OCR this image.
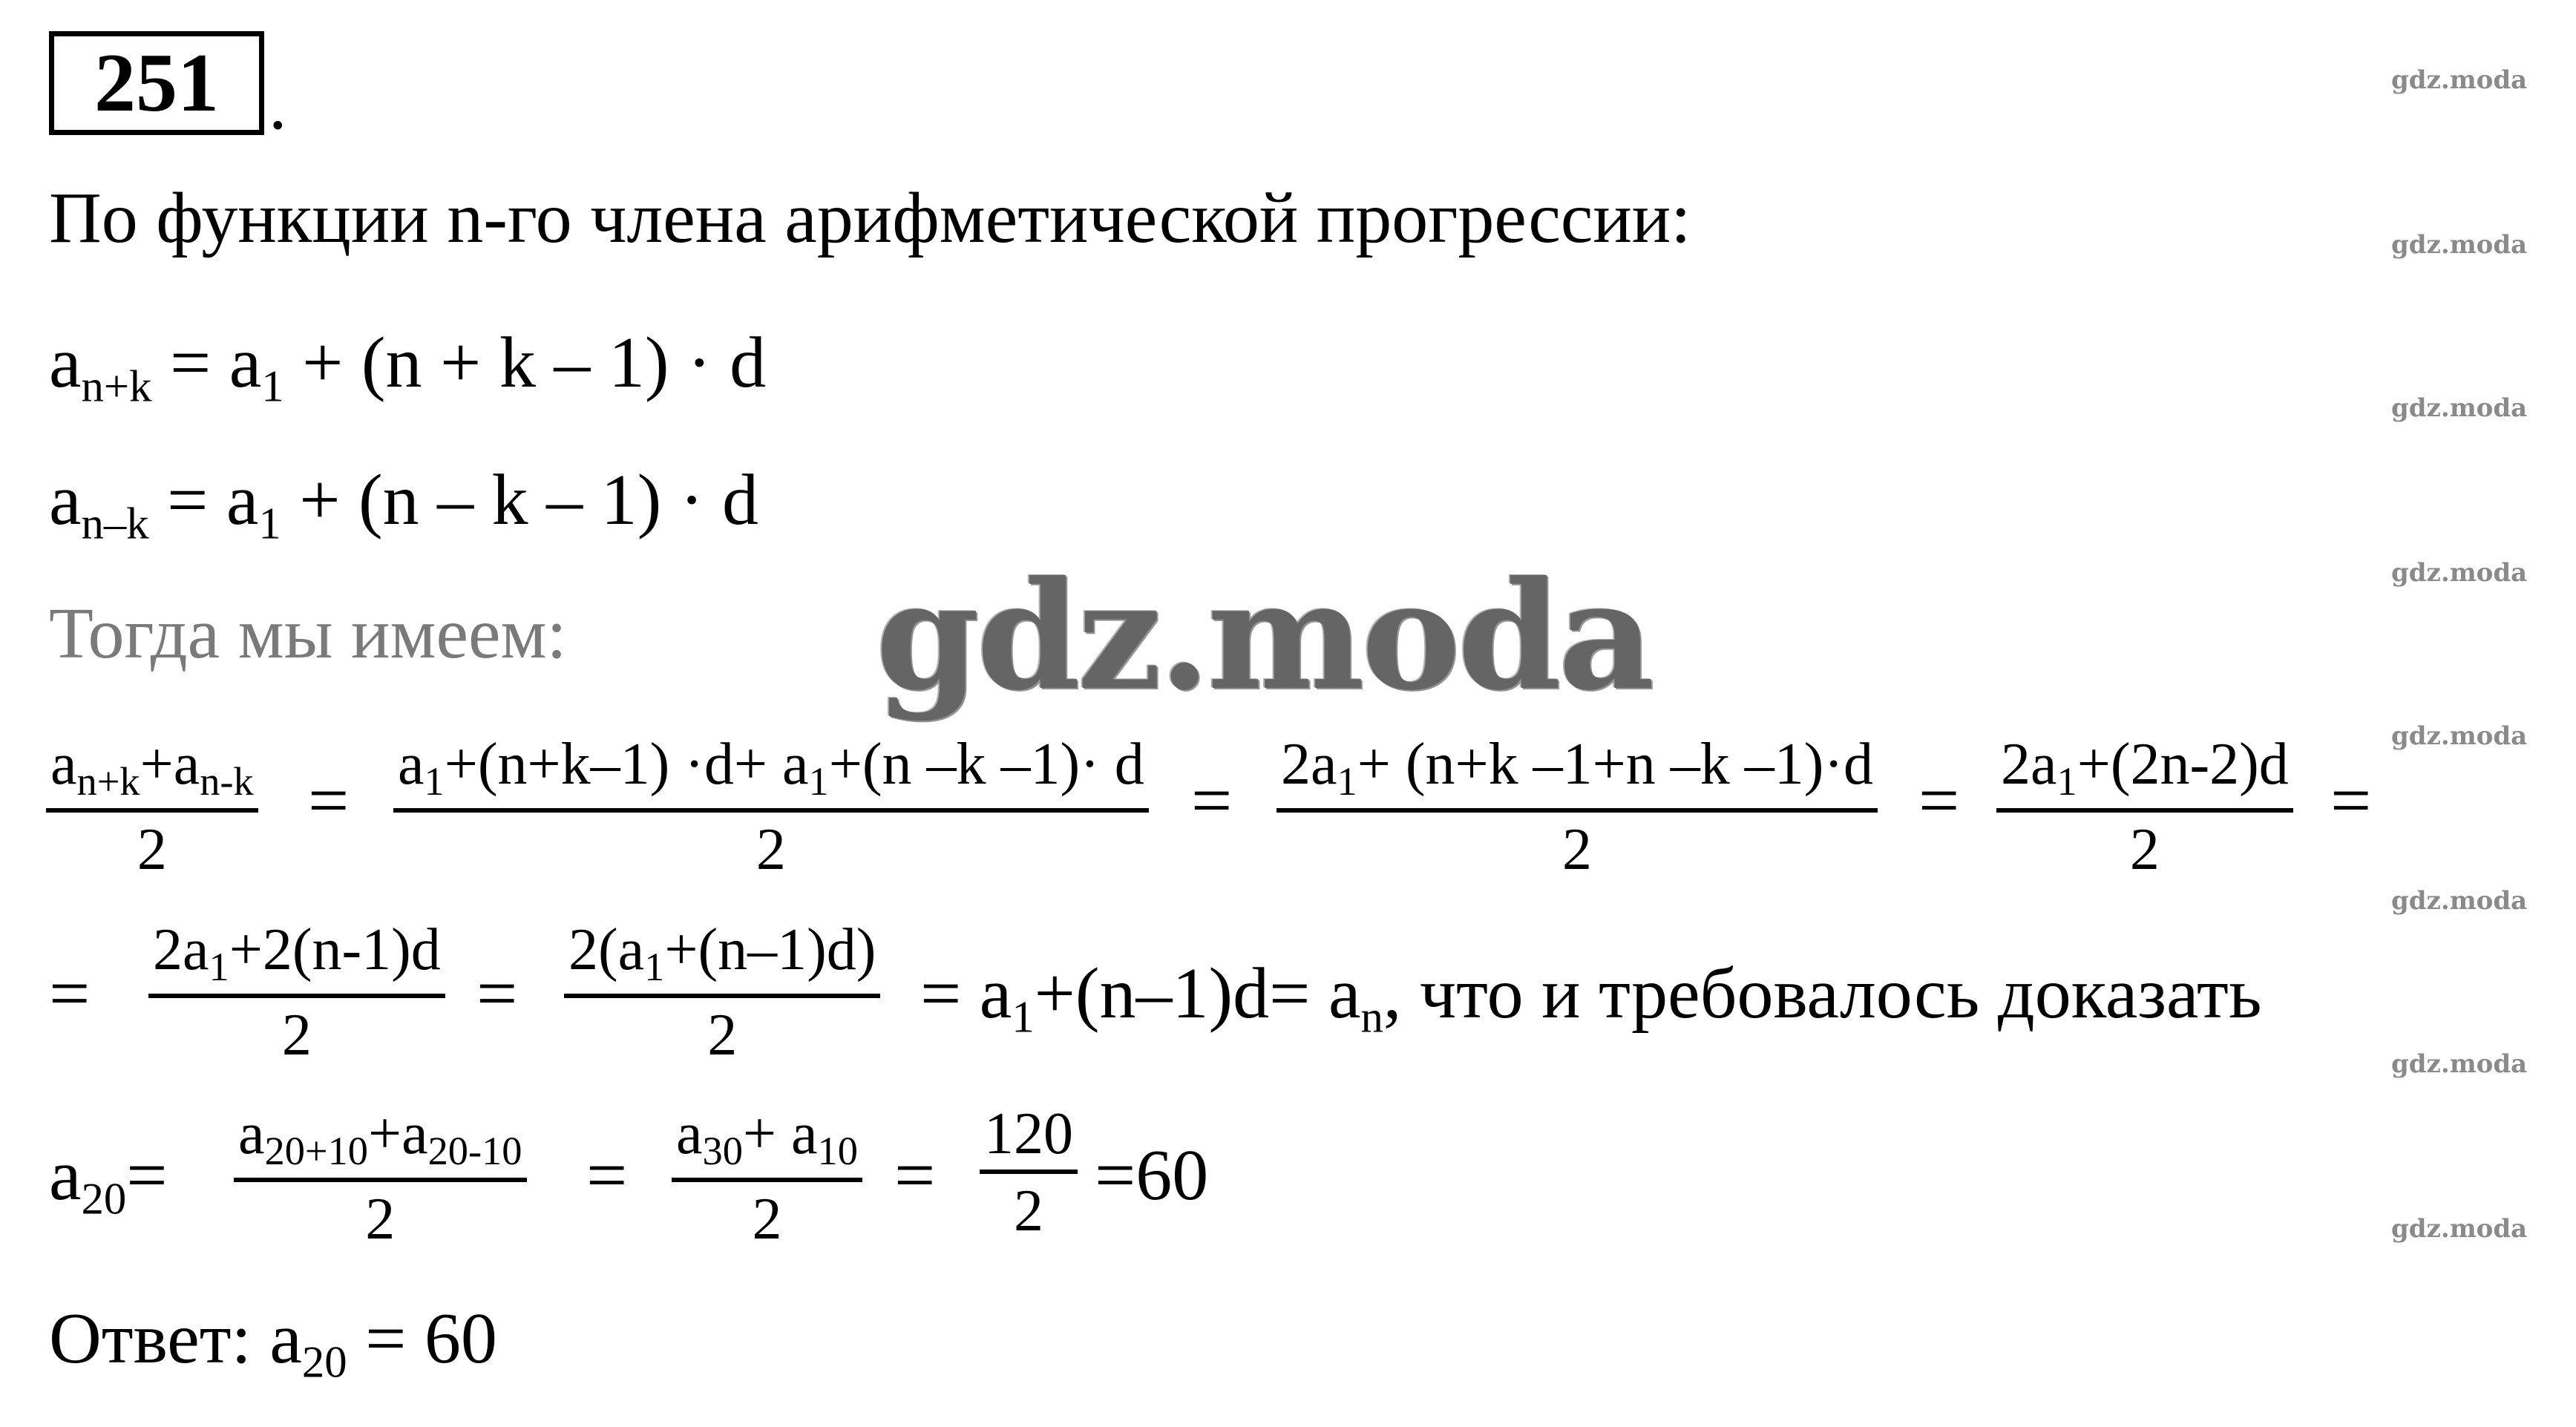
251 .
По функции n-го члена арифметической прогрессии:
$a_{n+k} = a_1 + (n + k - 1) \cdot d$
$a_{n-k} = a_1 + (n - k - 1) \cdot d$
Тогда мы имеем:
$a_{n+k}+a_{n-k}$
2
= $a_1+(n+k-1) \cdot d+ a_1+(n$ –k –1)· d
2
= $2a_1+ (n+k$ –1+n –k –1)·d
2
= $2a_1+(2n-2)d$
2
=
=
$2a_1+2(n-1)d$
2
=
$2(a_1+(n-1)d)$
2
= $a_1+(n-1)d= a_n$, что и требовалось доказать
$a_{20}=$
$a_{20+10}+a_{20-10}$
2
=
$a_{30}+ a_{10}$
2
=
120
2 =60
Ответ: $a_{20} = 60$
gdz.moda
gdz.moda
gdz.moda
gdz.moda
gdz.moda
gdz.moda
gdz.moda
gdz.moda
gdz.moda
